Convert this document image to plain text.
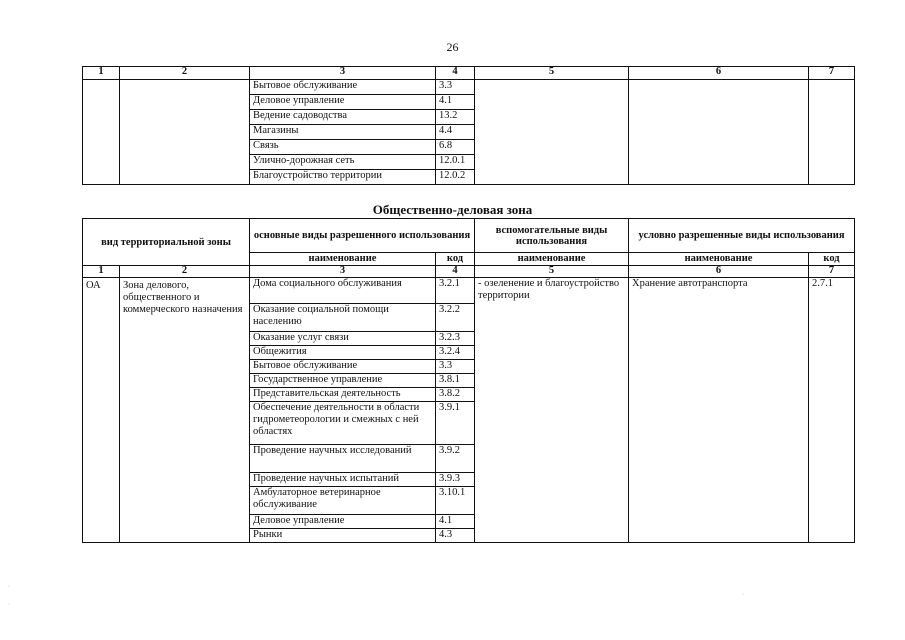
26
1	2	3	4	5	6	7
		Бытовое обслуживание	3.3			
		Деловое управление	4.1			
		Ведение садоводства	13.2			
		Магазины	4.4			
		Связь	6.8			
		Улично-дорожная сеть	12.0.1			
		Благоустройство территории	12.0.2			
Общественно-деловая зона
вид территориальной зоны		основные виды разрешенного использования		вспомогательные виды использования	условно разрешенные виды использования	
		наименование	код	наименование	наименование	код
1	2	3	4	5	6	7
ОА	Зона делового, общественного и коммерческого назначения	Дома социального обслуживания	3.2.1	- озеленение и благоустройство территории	Хранение автотранспорта	2.7.1
		Оказание социальной помощи населению	3.2.2			
		Оказание услуг связи	3.2.3			
		Общежития	3.2.4			
		Бытовое обслуживание	3.3			
		Государственное управление	3.8.1			
		Представительская деятельность	3.8.2			
		Обеспечение деятельности в области гидрометеорологии и смежных с ней областях	3.9.1			
		Проведение научных исследований	3.9.2			
		Проведение научных испытаний	3.9.3			
		Амбулаторное ветеринарное обслуживание	3.10.1			
		Деловое управление	4.1			
		Рынки	4.3			
·
·
·
